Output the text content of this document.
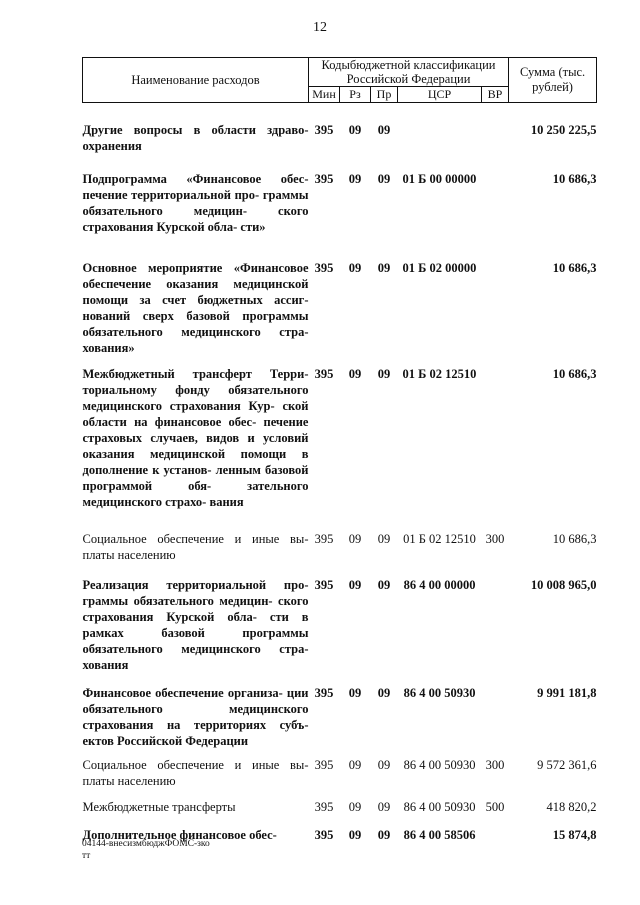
12
Наименование расходов	Кодыбюджетной классификации Российской Федерации					Сумма (тыс. рублей)
	Мин	Рз	Пр	ЦСР	ВР	

Другие вопросы в области здраво- охранения	395	09	09			10 250 225,5
Подпрограмма «Финансовое обес- печение территориальной про- граммы обязательного медицин- ского страхования Курской обла- сти»	395	09	09	01 Б 00 00000		10 686,3
Основное мероприятие «Финансовое обеспечение оказания медицинской помощи за счет бюджетных ассиг- нований сверх базовой программы обязательного медицинского стра- хования»	395	09	09	01 Б 02 00000		10 686,3
Межбюджетный трансферт Терри- ториальному фонду обязательного медицинского страхования Кур- ской области на финансовое обес- печение страховых случаев, видов и условий оказания медицинской помощи в дополнение к установ- ленным базовой программой обя- зательного медицинского страхо- вания	395	09	09	01 Б 02 12510		10 686,3
Социальное обеспечение и иные вы- платы населению	395	09	09	01 Б 02 12510	300	10 686,3
Реализация территориальной про- граммы обязательного медицин- ского страхования Курской обла- сти в рамках базовой программы обязательного медицинского стра- хования	395	09	09	86 4 00 00000		10 008 965,0
Финансовое обеспечение организа- ции обязательного медицинского страхования на территориях субъ- ектов Российской Федерации	395	09	09	86 4 00 50930		9 991 181,8
Социальное обеспечение и иные вы- платы населению	395	09	09	86 4 00 50930	300	9 572 361,6
Межбюджетные трансферты	395	09	09	86 4 00 50930	500	418 820,2
Дополнительное финансовое обес-	395	09	09	86 4 00 58506		15 874,8
04144-внесизмбюджФОМС-зко
тт
